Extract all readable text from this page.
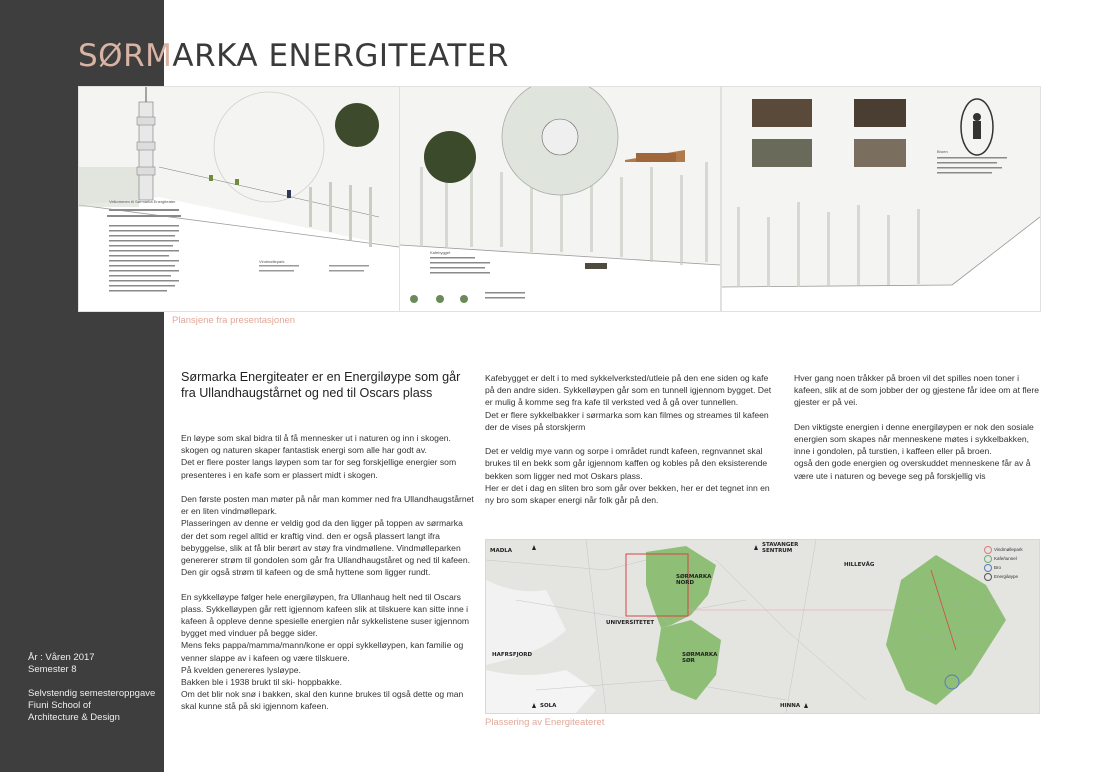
SØRMARKA ENERGITEATER
Velkommen til Sørmarka Energiteater
Vindmøllepark
Kafebygget
Broen
Plansjene fra presentasjonen
Sørmarka Energiteater er en Energiløype som går fra Ullandhaugstårnet og ned til Oscars plass
En løype som skal bidra til å få mennesker ut i naturen og inn i skogen. skogen og naturen skaper fantastisk energi som alle har godt av.
Det er flere poster langs løypen som tar for seg forskjellige energier som presenteres i en kafe som er plassert midt i skogen.

Den første posten man møter på når man kommer ned fra Ullandhaugstårnet er en liten vindmøllepark.
Plasseringen av denne er veldig god da den ligger på toppen av sørmarka der det som regel alltid er kraftig vind. den er også plassert langt ifra bebyggelse, slik at få blir berørt av støy fra vindmøllene. Vindmølleparken genererer strøm til gondolen som går fra Ullandhaugståret og ned til kafeen. Den gir også strøm til kafeen og de små hyttene som ligger rundt.

En sykkelløype følger hele energiløypen, fra Ullanhaug helt ned til Oscars plass. Sykkelløypen går rett igjennom kafeen slik at tilskuere kan sitte inne i kafeen å oppleve denne spesielle energien når sykkelistene suser igjennom bygget med vinduer på begge sider.
Mens feks pappa/mamma/mann/kone er oppi sykkelløypen, kan familie og venner slappe av i kafeen og være tilskuere.
På kvelden genereres lysløype.
Bakken ble i 1938 brukt til ski- hoppbakke.
Om det blir nok snø i bakken, skal den kunne brukes til også dette og man skal kunne stå på ski igjennom kafeen.
Kafebygget er delt i to med sykkelverksted/utleie på den ene siden og kafe på den andre siden. Sykkelløypen går som en tunnell igjennom bygget. Det er mulig å komme seg fra kafe til verksted ved å gå over tunnellen.
Det er flere sykkelbakker i sørmarka som kan filmes og streames til kafeen der de vises på storskjerm

Det er veldig mye vann og sorpe i området rundt kafeen, regnvannet skal brukes til en bekk som går igjennom kaffen og kobles på den eksisterende bekken som ligger ned mot Oskars plass.
Her er det i dag en sliten bro som går over bekken, her er det tegnet inn en ny bro som skaper energi når folk går på den.
Hver gang noen tråkker på broen vil det spilles noen toner i kafeen, slik at de som jobber der og gjestene får idee om at flere gjester er på vei.

Den viktigste energien i denne energiløypen er nok den sosiale energien som skapes når menneskene møtes i sykkelbakken, inne i gondolen, på turstien, i kaffeen eller på broen.
også den gode energien og overskuddet menneskene får av å være ute i naturen og bevege seg på forskjellig vis
År : Våren 2017
Semester 8
Selvstendig semesteroppgave
Fiuni School of
Architecture & Design
MADLA
STAVANGER
SENTRUM
HILLEVÅG
SØRMARKA
NORD
UNIVERSITETET
HAFRSFJORD	SØRMARKA
SØR
SOLA	HINNA
Vindmøllepark
Kafe/tunnel
Bro
Energiløype
Plassering av Energiteateret
